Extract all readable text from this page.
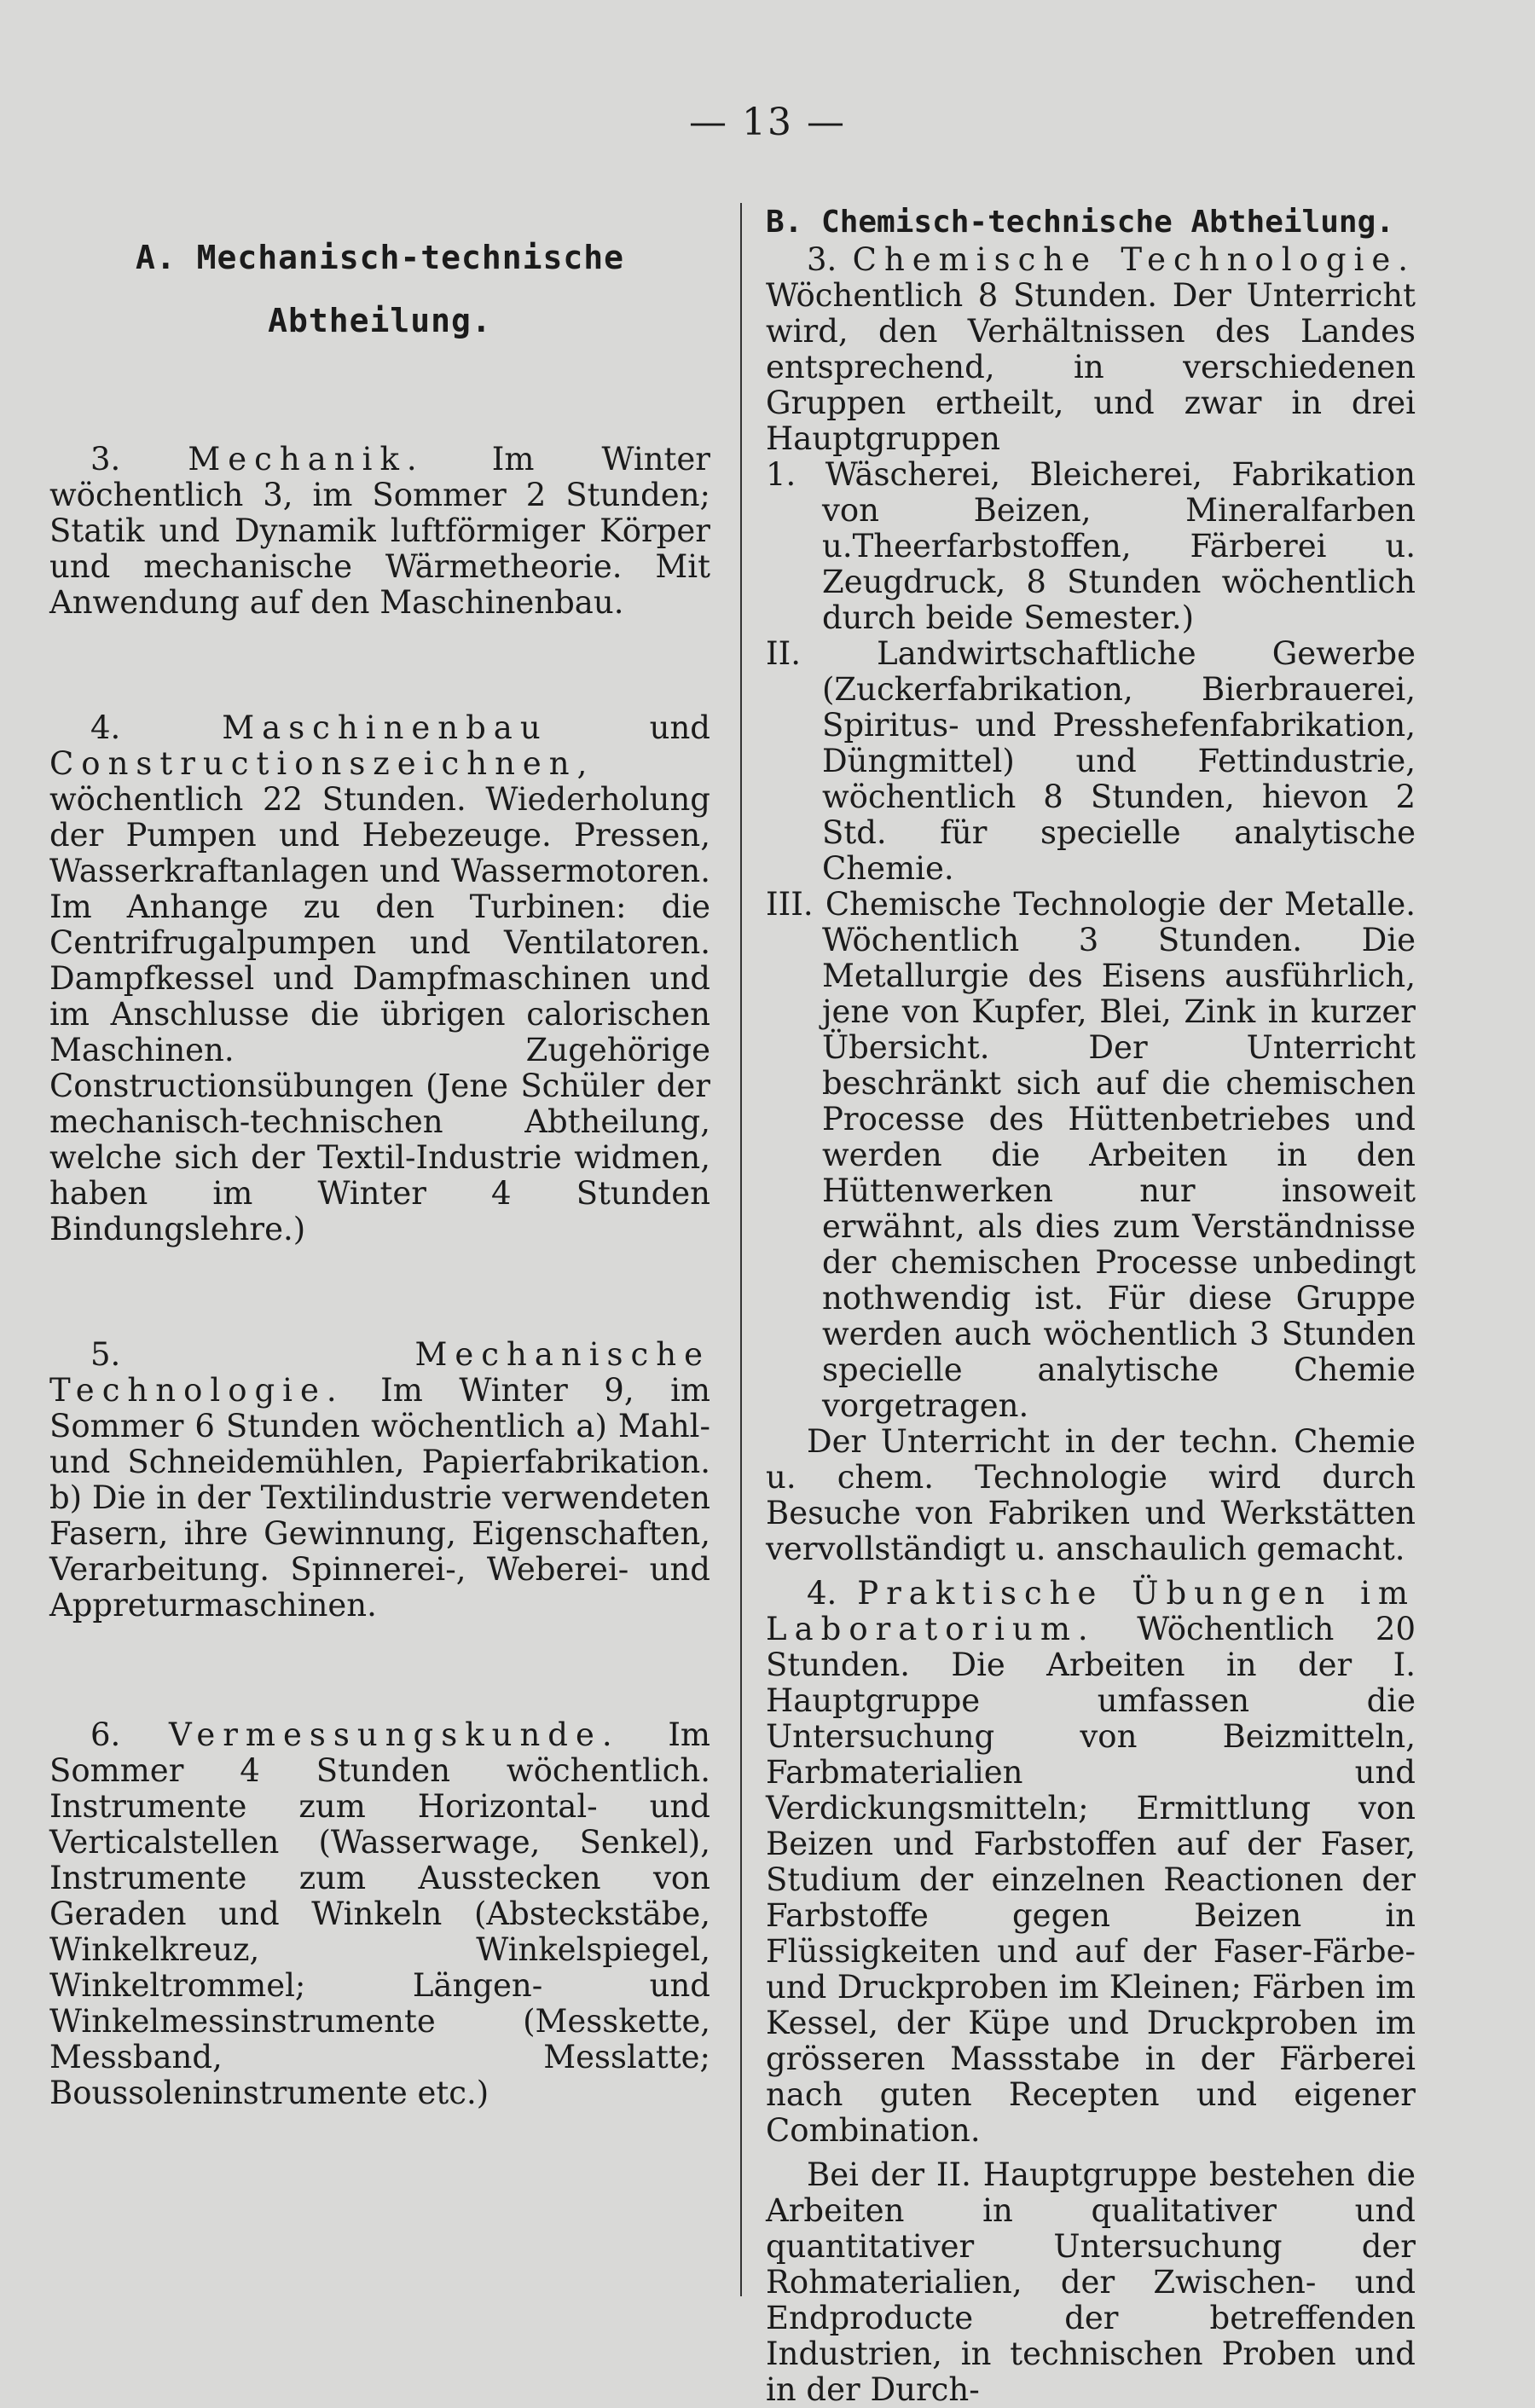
— 13 —
A. Mechanisch-technische
Abtheilung.

3. Mechanik. Im Winter wöchentlich 3, im Sommer 2 Stunden; Statik und Dynamik luftförmiger Körper und mechanische Wärmetheorie. Mit Anwendung auf den Maschinenbau.

4.	Maschinenbau	und Constructionszeichnen, wöchentlich 22 Stunden. Wiederholung der Pumpen und Hebezeuge. Pressen, Wasserkraftanlagen und Wassermotoren. Im Anhange zu den Turbinen: die Centrifrugalpumpen und Ventilatoren. Dampfkessel und Dampfmaschinen und im Anschlusse die übrigen calorischen Maschinen. Zugehörige Constructionsübungen (Jene Schüler der mechanisch-technischen Abtheilung, welche sich der Textil-Industrie widmen, haben im Winter 4 Stunden Bindungslehre.)

5.	Mechanische Technologie. Im Winter 9, im Sommer 6 Stunden wöchentlich a) Mahl- und Schneidemühlen, Papierfabrikation. b) Die in der Textilindustrie verwendeten Fasern, ihre Gewinnung, Eigenschaften, Verarbeitung. Spinnerei-, Weberei- und Appreturmaschinen.

6. Vermessungskunde. Im Sommer 4 Stunden wöchentlich. Instrumente zum Horizontal- und Verticalstellen (Wasserwage, Senkel), Instrumente zum Ausstecken von Geraden und Winkeln (Absteckstäbe, Winkelkreuz, Winkelspiegel, Winkeltrommel; Längen- und Winkelmessinstrumente (Messkette, Messband, Messlatte; Boussoleninstrumente etc.)

B. Chemisch-technische Abtheilung.

3. Chemische Technologie. Wöchentlich 8 Stunden. Der Unterricht wird, den Verhältnissen des Landes entsprechend, in verschiedenen Gruppen ertheilt, und zwar in drei Hauptgruppen

1. Wäscherei, Bleicherei, Fabrikation von Beizen, Mineralfarben u.Theerfarbstoffen, Färberei u. Zeugdruck, 8 Stunden wöchentlich durch beide Semester.)

II. Landwirtschaftliche Gewerbe (Zuckerfabrikation, Bierbrauerei, Spiritus- und Presshefenfabrikation, Düngmittel) und Fettindustrie, wöchentlich 8 Stunden, hievon 2 Std. für specielle analytische Chemie.

III. Chemische Technologie der Metalle. Wöchentlich 3 Stunden. Die Metallurgie des Eisens ausführlich, jene von Kupfer, Blei, Zink in kurzer Übersicht. Der Unterricht beschränkt sich auf die chemischen Processe des Hüttenbetriebes und werden die Arbeiten in den Hüttenwerken nur insoweit erwähnt, als dies zum Verständnisse der chemischen Processe unbedingt nothwendig ist. Für diese Gruppe werden auch wöchentlich 3 Stunden specielle analytische Chemie vorgetragen.

Der Unterricht in der techn. Chemie u. chem. Technologie wird durch Besuche von Fabriken und Werkstätten vervollständigt u. anschaulich gemacht.

4. Praktische Übungen im Laboratorium. Wöchentlich 20 Stunden. Die Arbeiten in der I. Hauptgruppe umfassen die Untersuchung von Beizmitteln, Farbmaterialien und Verdickungsmitteln; Ermittlung von Beizen und Farbstoffen auf der Faser, Studium der einzelnen Reactionen der Farbstoffe gegen Beizen in Flüssigkeiten und auf der Faser-Färbe- und Druckproben im Kleinen; Färben im Kessel, der Küpe und Druckproben im grösseren Massstabe in der Färberei nach guten Recepten und eigener Combination.

Bei der II. Hauptgruppe bestehen die Arbeiten in qualitativer und quantitativer Untersuchung der Rohmaterialien, der Zwischen- und Endproducte der betreffenden Industrien, in technischen Proben und in der Durch-
